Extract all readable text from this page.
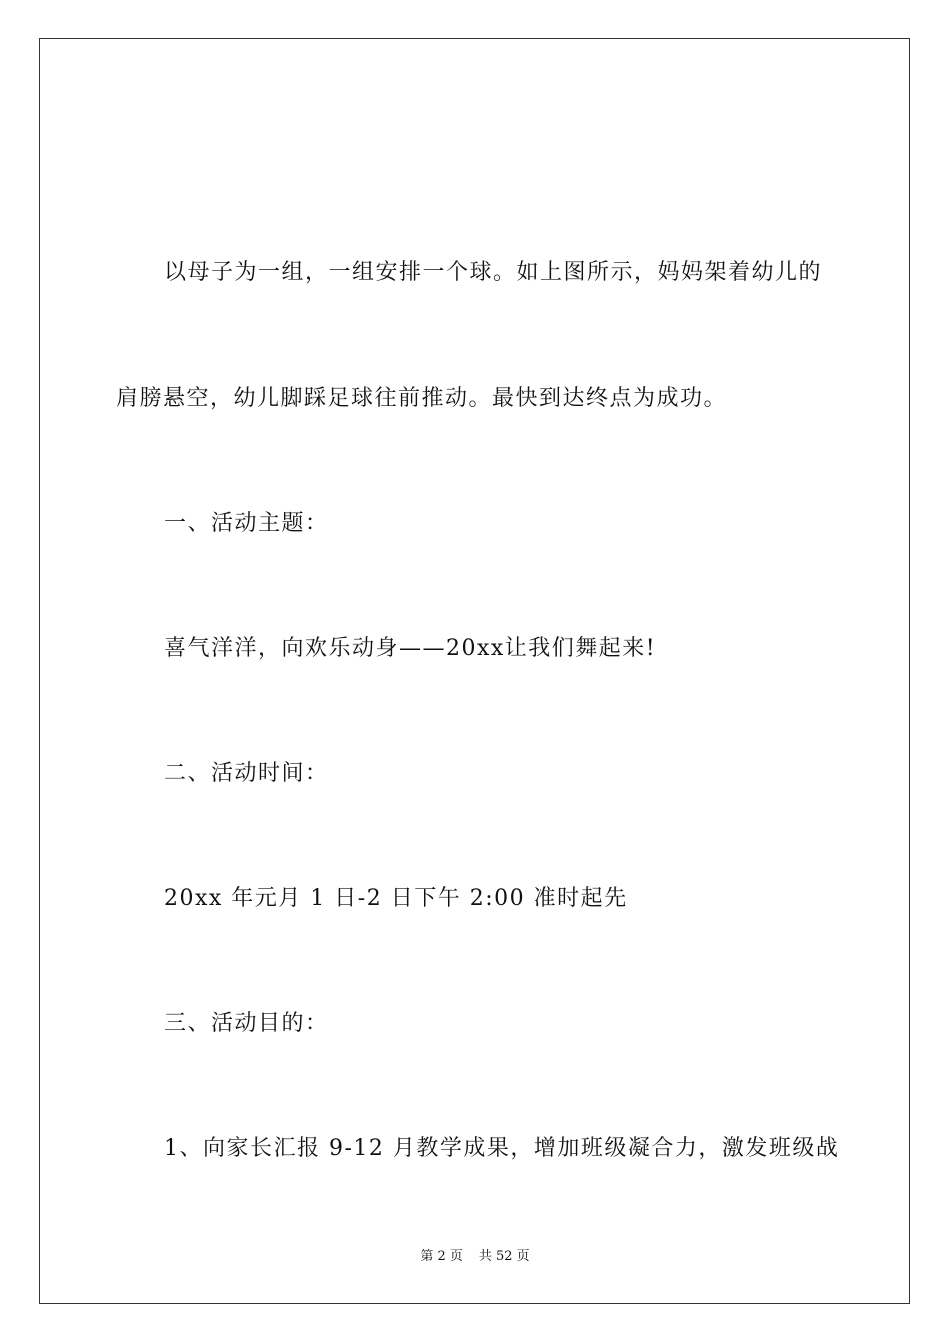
以母子为一组，一组安排一个球。如上图所示，妈妈架着幼儿的
肩膀悬空，幼儿脚踩足球往前推动。最快到达终点为成功。
一、活动主题：
喜气洋洋，向欢乐动身——20xx让我们舞起来!
二、活动时间：
20xx 年元月 1 日-2 日下午 2:00 准时起先
三、活动目的：
1、向家长汇报 9-12 月教学成果，增加班级凝合力，激发班级战
第 2 页 共 52 页
